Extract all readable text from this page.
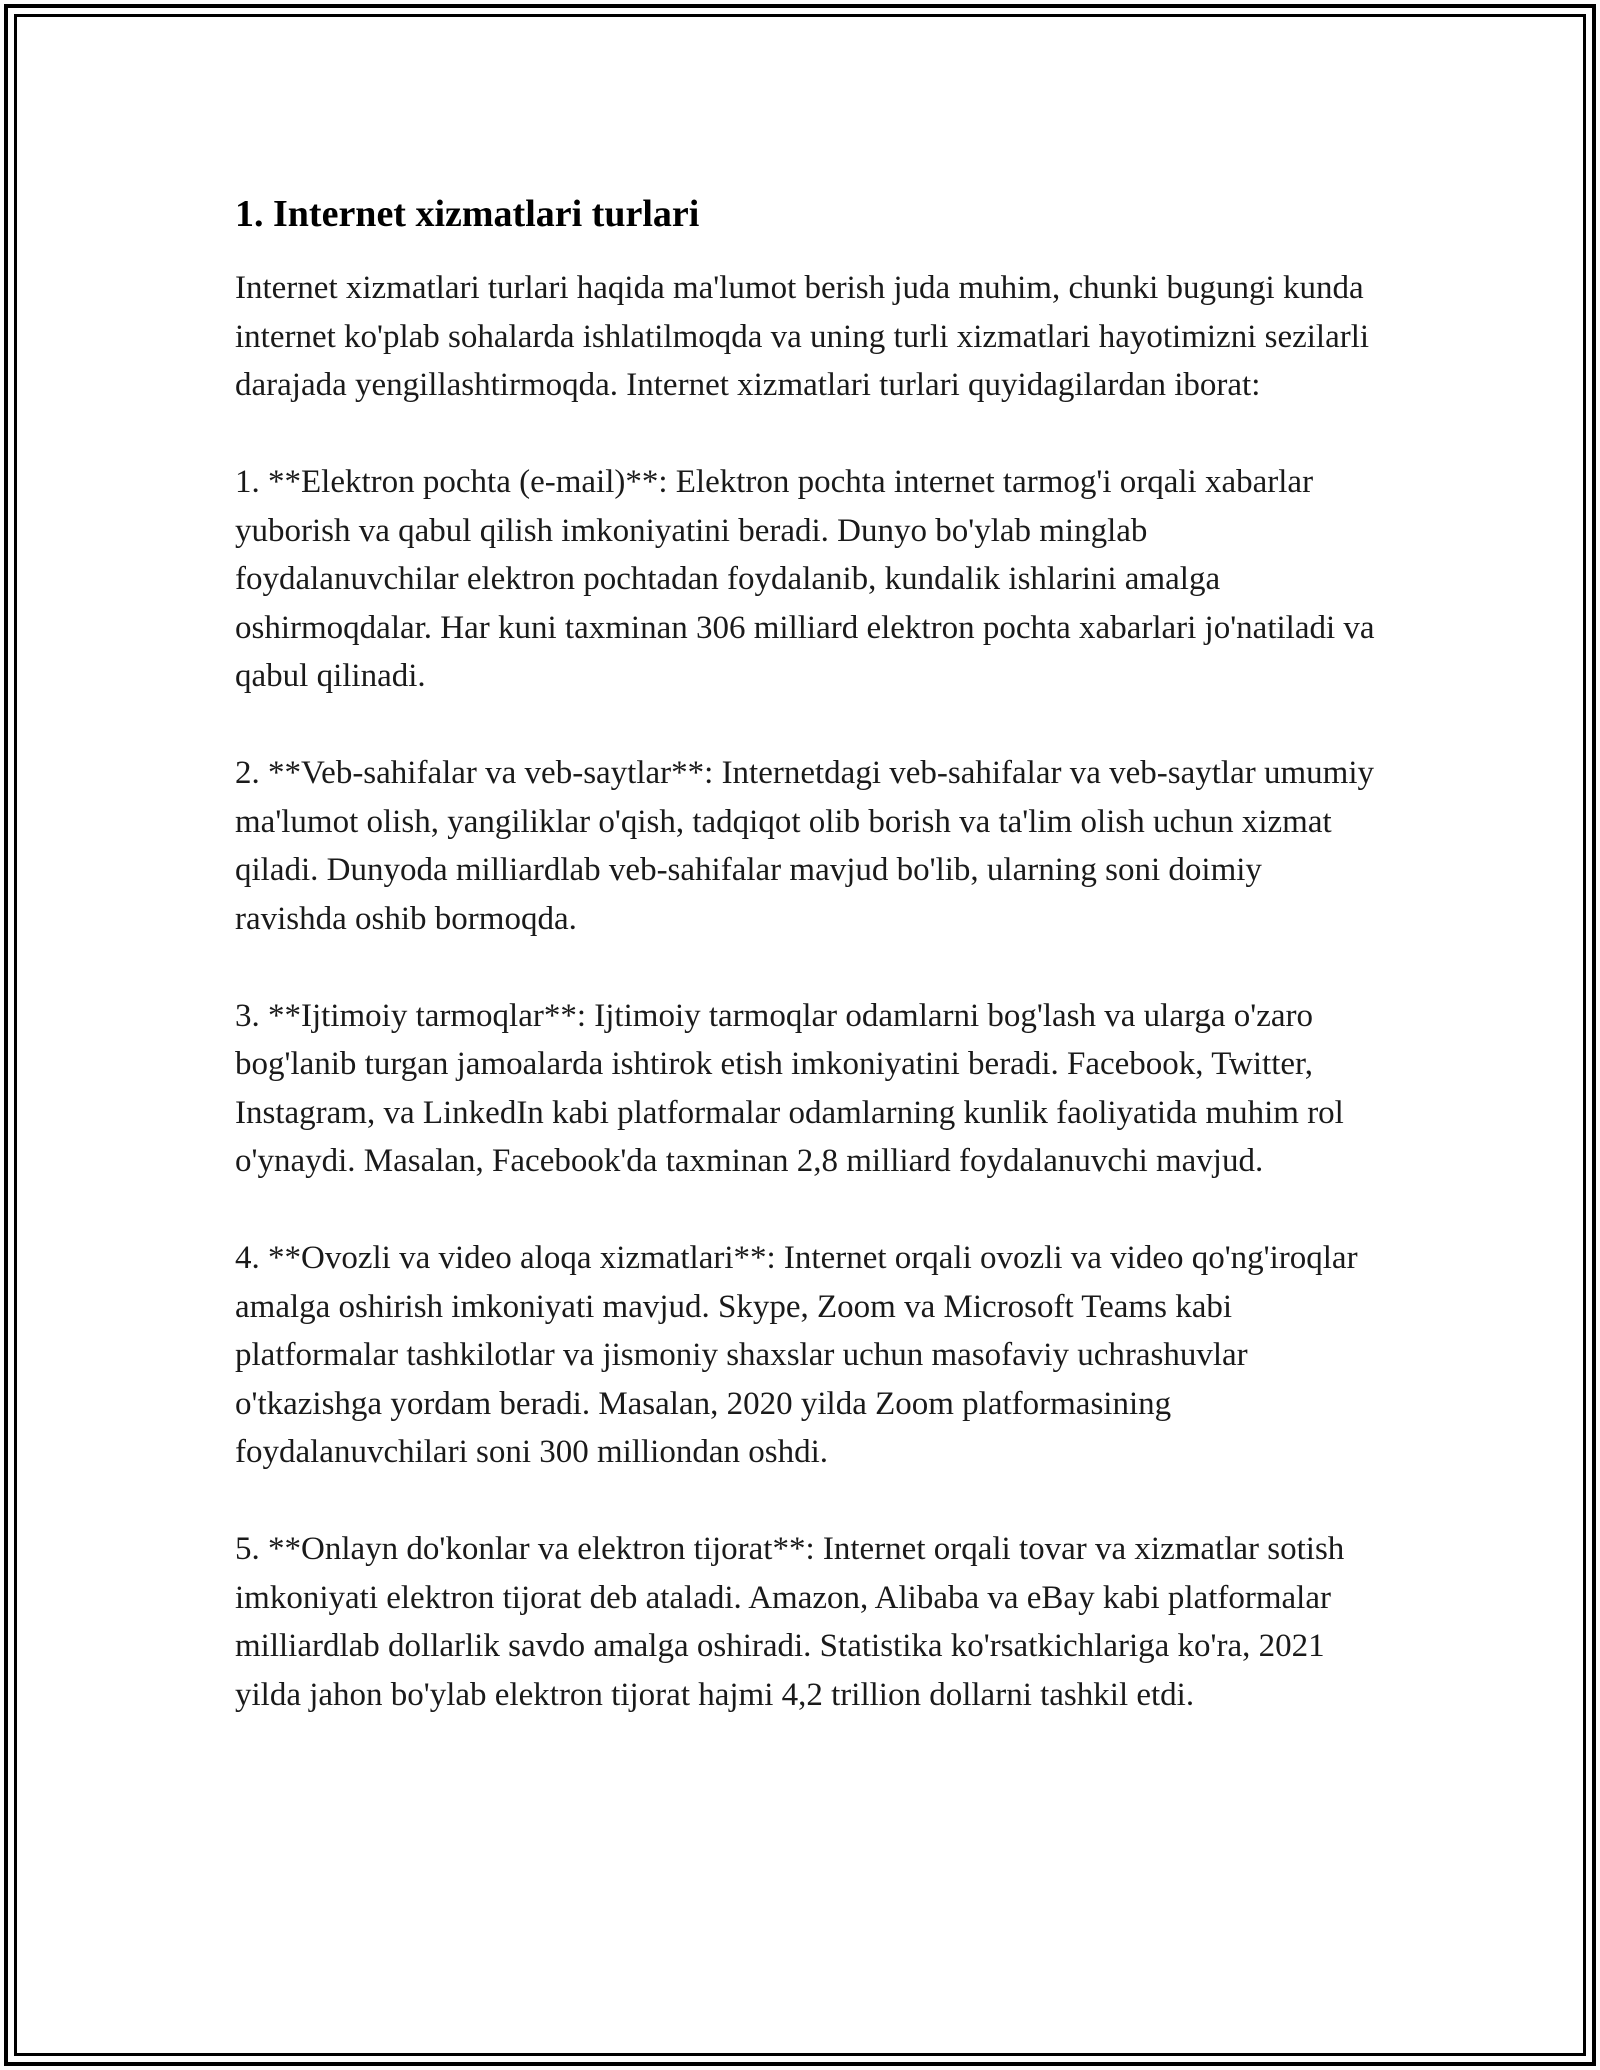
1. Internet xizmatlari turlari

Internet xizmatlari turlari haqida ma'lumot berish juda muhim, chunki bugungi kunda internet ko'plab sohalarda ishlatilmoqda va uning turli xizmatlari hayotimizni sezilarli darajada yengillashtirmoqda. Internet xizmatlari turlari quyidagilardan iborat:

1. **Elektron pochta (e-mail)**: Elektron pochta internet tarmog'i orqali xabarlar yuborish va qabul qilish imkoniyatini beradi. Dunyo bo'ylab minglab foydalanuvchilar elektron pochtadan foydalanib, kundalik ishlarini amalga oshirmoqdalar. Har kuni taxminan 306 milliard elektron pochta xabarlari jo'natiladi va qabul qilinadi.

2. **Veb-sahifalar va veb-saytlar**: Internetdagi veb-sahifalar va veb-saytlar umumiy ma'lumot olish, yangiliklar o'qish, tadqiqot olib borish va ta'lim olish uchun xizmat qiladi. Dunyoda milliardlab veb-sahifalar mavjud bo'lib, ularning soni doimiy ravishda oshib bormoqda.

3. **Ijtimoiy tarmoqlar**: Ijtimoiy tarmoqlar odamlarni bog'lash va ularga o'zaro bog'lanib turgan jamoalarda ishtirok etish imkoniyatini beradi. Facebook, Twitter, Instagram, va LinkedIn kabi platformalar odamlarning kunlik faoliyatida muhim rol o'ynaydi. Masalan, Facebook'da taxminan 2,8 milliard foydalanuvchi mavjud.

4. **Ovozli va video aloqa xizmatlari**: Internet orqali ovozli va video qo'ng'iroqlar amalga oshirish imkoniyati mavjud. Skype, Zoom va Microsoft Teams kabi platformalar tashkilotlar va jismoniy shaxslar uchun masofaviy uchrashuvlar o'tkazishga yordam beradi. Masalan, 2020 yilda Zoom platformasining foydalanuvchilari soni 300 milliondan oshdi.

5. **Onlayn do'konlar va elektron tijorat**: Internet orqali tovar va xizmatlar sotish imkoniyati elektron tijorat deb ataladi. Amazon, Alibaba va eBay kabi platformalar milliardlab dollarlik savdo amalga oshiradi. Statistika ko'rsatkichlariga ko'ra, 2021 yilda jahon bo'ylab elektron tijorat hajmi 4,2 trillion dollarni tashkil etdi.
